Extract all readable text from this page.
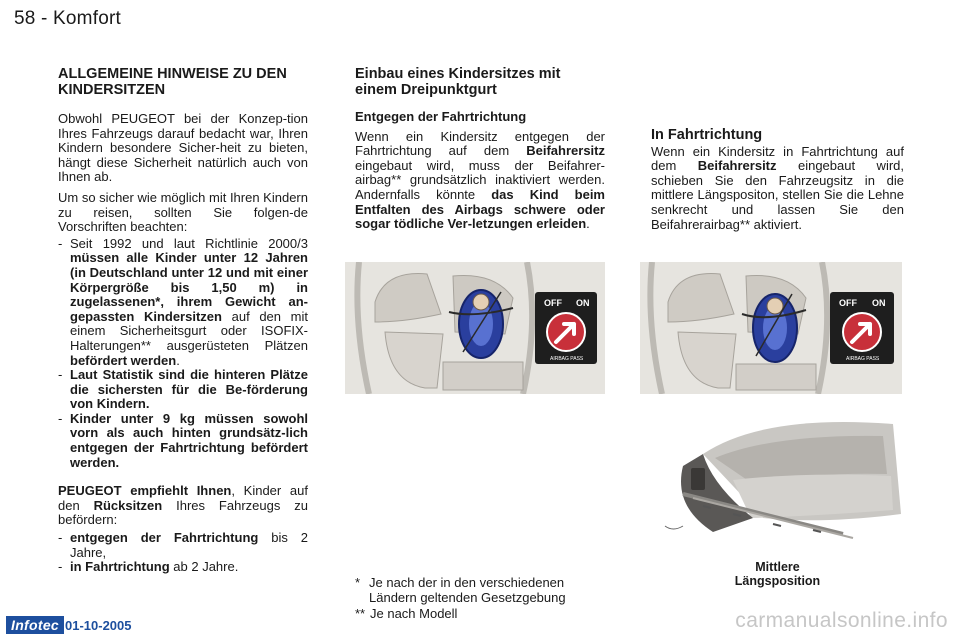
58 - Komfort
ALLGEMEINE HINWEISE ZU DEN KINDERSITZEN
Obwohl PEUGEOT bei der Konzep-tion Ihres Fahrzeugs darauf bedacht war, Ihren Kindern besondere Sicher-heit zu bieten, hängt diese Sicherheit natürlich auch von Ihnen ab.
Um so sicher wie möglich mit Ihren Kindern zu reisen, sollten Sie folgen-de Vorschriften beachten:
- Seit 1992 und laut Richtlinie 2000/3 müssen alle Kinder unter 12 Jahren (in Deutschland unter 12 und mit einer Körpergröße bis 1,50 m) in zugelassenen*, ihrem Gewicht an-gepassten Kindersitzen auf den mit einem Sicherheitsgurt oder ISOFIX-Halterungen** ausgerüsteten Plätzen befördert werden.
- Laut Statistik sind die hinteren Plätze die sichersten für die Be-förderung von Kindern.
- Kinder unter 9 kg müssen sowohl vorn als auch hinten grundsätz-lich entgegen der Fahrtrichtung befördert werden.
PEUGEOT empfiehlt Ihnen, Kinder auf den Rücksitzen Ihres Fahrzeugs zu befördern:
- entgegen der Fahrtrichtung bis 2 Jahre,
- in Fahrtrichtung ab 2 Jahre.
Einbau eines Kindersitzes mit einem Dreipunktgurt
Entgegen der Fahrtrichtung
Wenn ein Kindersitz entgegen der Fahrtrichtung auf dem Beifahrersitz eingebaut wird, muss der Beifahrer-airbag** grundsätzlich inaktiviert werden. Andernfalls könnte das Kind beim Entfalten des Airbags schwere oder sogar tödliche Ver-letzungen erleiden.
In Fahrtrichtung
Wenn ein Kindersitz in Fahrtrichtung auf dem Beifahrersitz eingebaut wird, schieben Sie den Fahrzeugsitz in die mittlere Längspositon, stellen Sie die Lehne senkrecht und lassen Sie den Beifahrerairbag** aktiviert.
OFF ON
AIRBAG PASS
OFF ON
AIRBAG PASS
Mittlere
Längsposition
* Je nach der in den verschiedenen Ländern geltenden Gesetzgebung
** Je nach Modell
Infotec 01-10-2005	carmanualsonline.info
